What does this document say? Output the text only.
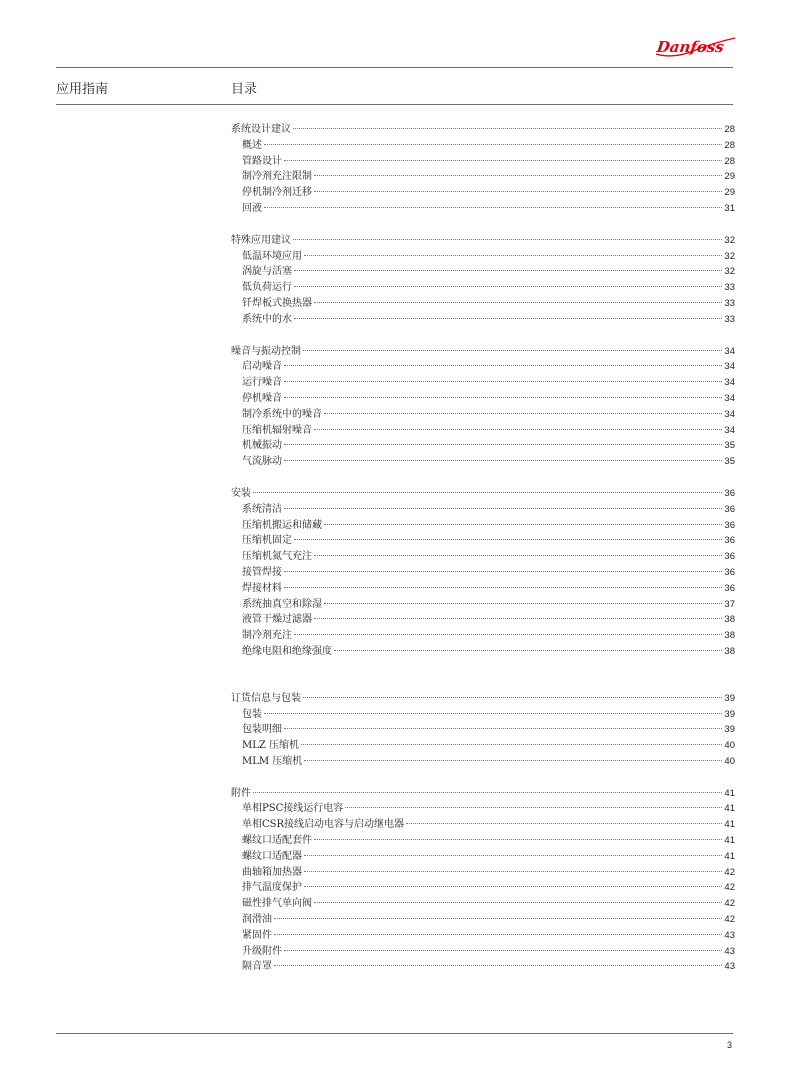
Danfoss
应用指南	目录
系统设计建议	28
概述	28
管路设计	28
制冷剂充注限制	29
停机制冷剂迁移	29
回液	31
特殊应用建议	32
低温环境应用	32
涡旋与活塞	32
低负荷运行	33
钎焊板式换热器	33
系统中的水	33
噪音与振动控制	34
启动噪音	34
运行噪音	34
停机噪音	34
制冷系统中的噪音	34
压缩机辐射噪音	34
机械振动	35
气流脉动	35
安装	36
系统清洁	36
压缩机搬运和储藏	36
压缩机固定	36
压缩机氮气充注	36
接管焊接	36
焊接材料	36
系统抽真空和除湿	37
液管干燥过滤器	38
制冷剂充注	38
绝缘电阻和绝缘强度	38
订货信息与包装	39
包装	39
包装明细	39
MLZ 压缩机	40
MLM 压缩机	40
附件	41
单相PSC接线运行电容	41
单相CSR接线启动电容与启动继电器	41
螺纹口适配套件	41
螺纹口适配器	41
曲轴箱加热器	42
排气温度保护	42
磁性排气单向阀	42
润滑油	42
紧固件	43
升级附件	43
隔音罩	43
3
